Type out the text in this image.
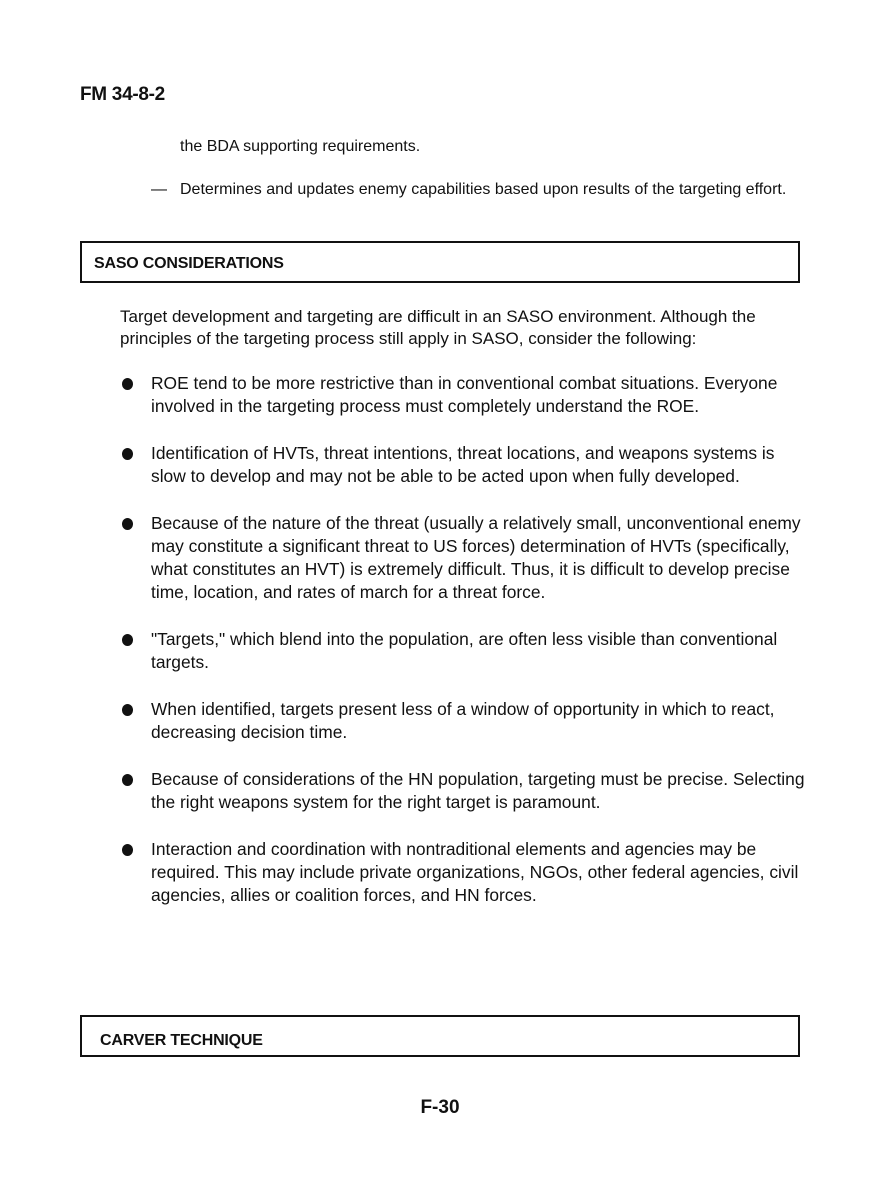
FM 34-8-2
the BDA supporting requirements.
— Determines and updates enemy capabilities based upon results of the targeting effort.
SASO CONSIDERATIONS
Target development and targeting are difficult in an SASO environment. Although the principles of the targeting process still apply in SASO, consider the following:
ROE tend to be more restrictive than in conventional combat situations. Everyone involved in the targeting process must completely understand the ROE.
Identification of HVTs, threat intentions, threat locations, and weapons systems is slow to develop and may not be able to be acted upon when fully developed.
Because of the nature of the threat (usually a relatively small, unconventional enemy may constitute a significant threat to US forces) determination of HVTs (specifically, what constitutes an HVT) is extremely difficult. Thus, it is difficult to develop precise time, location, and rates of march for a threat force.
"Targets," which blend into the population, are often less visible than conventional targets.
When identified, targets present less of a window of opportunity in which to react, decreasing decision time.
Because of considerations of the HN population, targeting must be precise. Selecting the right weapons system for the right target is paramount.
Interaction and coordination with nontraditional elements and agencies may be required. This may include private organizations, NGOs, other federal agencies, civil agencies, allies or coalition forces, and HN forces.
CARVER TECHNIQUE
F-30
